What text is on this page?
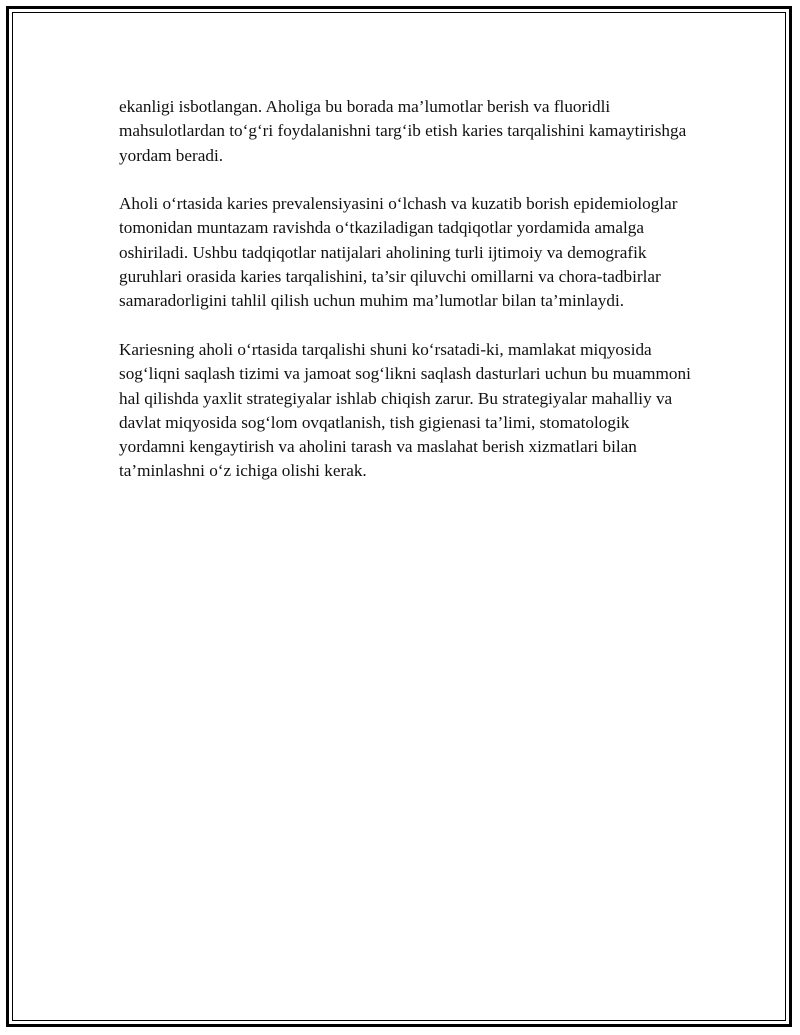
ekanligi isbotlangan. Aholiga bu borada ma’lumotlar berish va fluoridli mahsulotlardan to‘g‘ri foydalanishni targ‘ib etish karies tarqalishini kamaytirishga yordam beradi.

Aholi o‘rtasida karies prevalensiyasini o‘lchash va kuzatib borish epidemiologlar tomonidan muntazam ravishda o‘tkaziladigan tadqiqotlar yordamida amalga oshiriladi. Ushbu tadqiqotlar natijalari aholining turli ijtimoiy va demografik guruhlari orasida karies tarqalishini, ta’sir qiluvchi omillarni va chora-tadbirlar samaradorligini tahlil qilish uchun muhim ma’lumotlar bilan ta’minlaydi.

Kariesning aholi o‘rtasida tarqalishi shuni ko‘rsatadi-ki, mamlakat miqyosida sog‘liqni saqlash tizimi va jamoat sog‘likni saqlash dasturlari uchun bu muammoni hal qilishda yaxlit strategiyalar ishlab chiqish zarur. Bu strategiyalar mahalliy va davlat miqyosida sog‘lom ovqatlanish, tish gigienasi ta’limi, stomatologik yordamni kengaytirish va aholini tarash va maslahat berish xizmatlari bilan ta’minlashni o‘z ichiga olishi kerak.
